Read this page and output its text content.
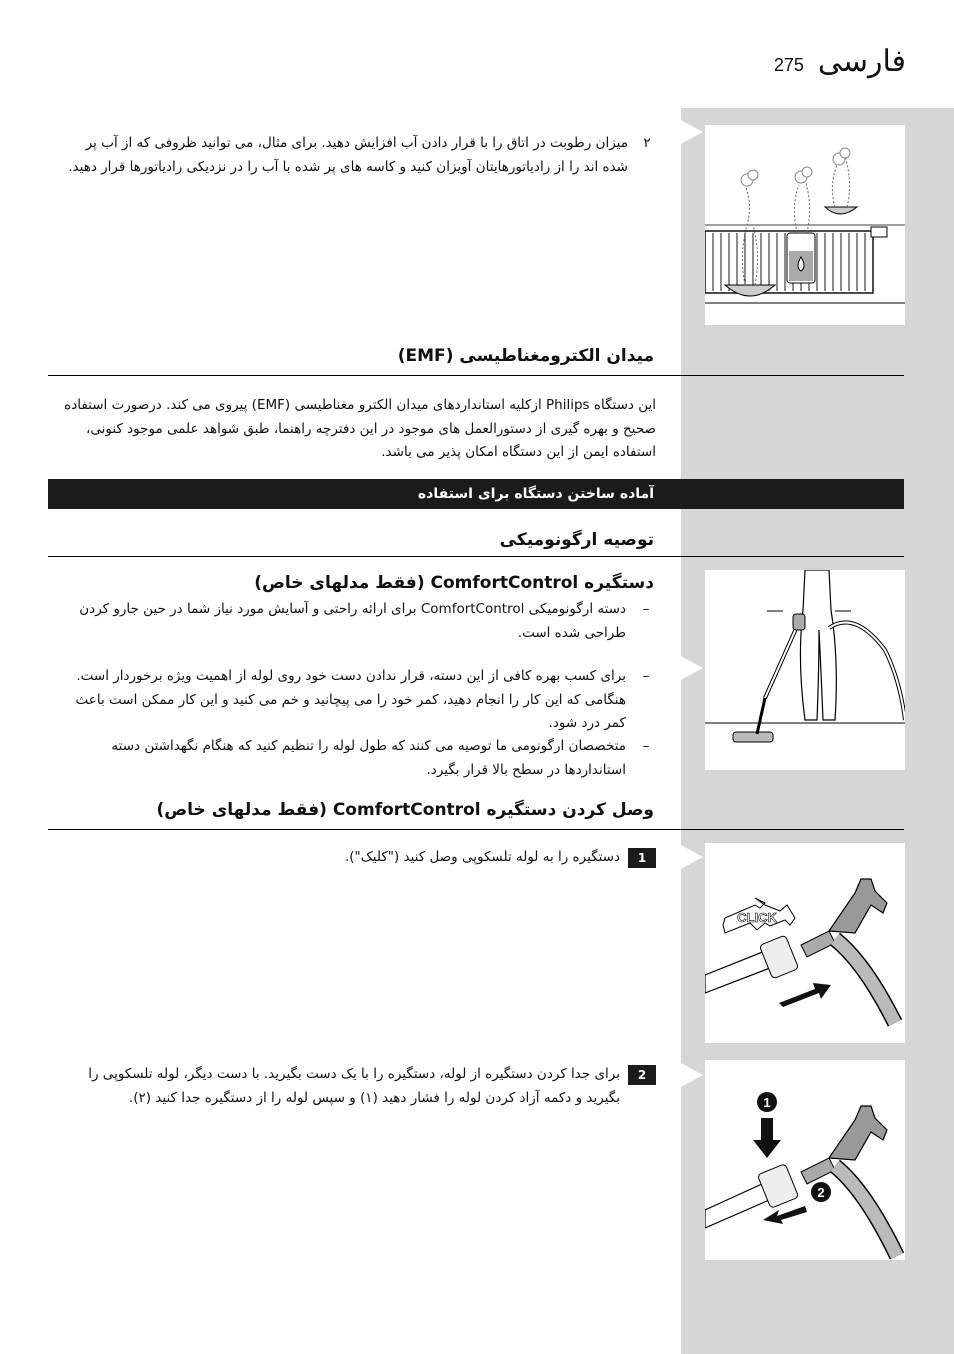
فارسی
275
۲
میزان رطوبت در اتاق را با قرار دادن آب افزایش دهید. برای مثال، می توانید ظروفی که از آب پر شده اند را از رادیاتورهایتان آویزان کنید و کاسه های پر شده با آب را در نزدیکی رادیاتورها قرار دهید.
میدان الکترومغناطیسی (EMF)
این دستگاه Philips ازکلیه استانداردهای میدان الکترو مغناطیسی (EMF) پیروی می کند. درصورت استفاده صحیح و بهره گیری از دستورالعمل های موجود در این دفترچه راهنما، طبق شواهد علمی موجود کنونی، استفاده ایمن از این دستگاه امکان پذیر می باشد.
آماده ساختن دستگاه برای استفاده
توصیه ارگونومیکی
دستگیره ComfortControl (فقط مدلهای خاص)
–
دسته ارگونومیکی ComfortControl برای ارائه راحتی و آسایش مورد نیاز شما در حین جارو کردن طراحی شده است.
–
برای کسب بهره کافی از این دسته، قرار ندادن دست خود روی لوله از اهمیت ویژه برخوردار است. هنگامی که این کار را انجام دهید، کمر خود را می پیچانید و خم می کنید و این کار ممکن است باعث کمر درد شود.
–
متخصصان ارگونومی ما توصیه می کنند که طول لوله را تنظیم کنید که هنگام نگهداشتن دسته استانداردها در سطح بالا قرار بگیرد.
وصل کردن دستگیره ComfortControl (فقط مدلهای خاص)
1
دستگیره را به لوله تلسکوپی وصل کنید ("کلیک").
CLICK
2
برای جدا کردن دستگیره از لوله، دستگیره را با یک دست بگیرید. با دست دیگر، لوله تلسکوپی را بگیرید و دکمه آزاد کردن لوله را فشار دهید (۱) و سپس لوله را از دستگیره جدا کنید (۲).	1
2
